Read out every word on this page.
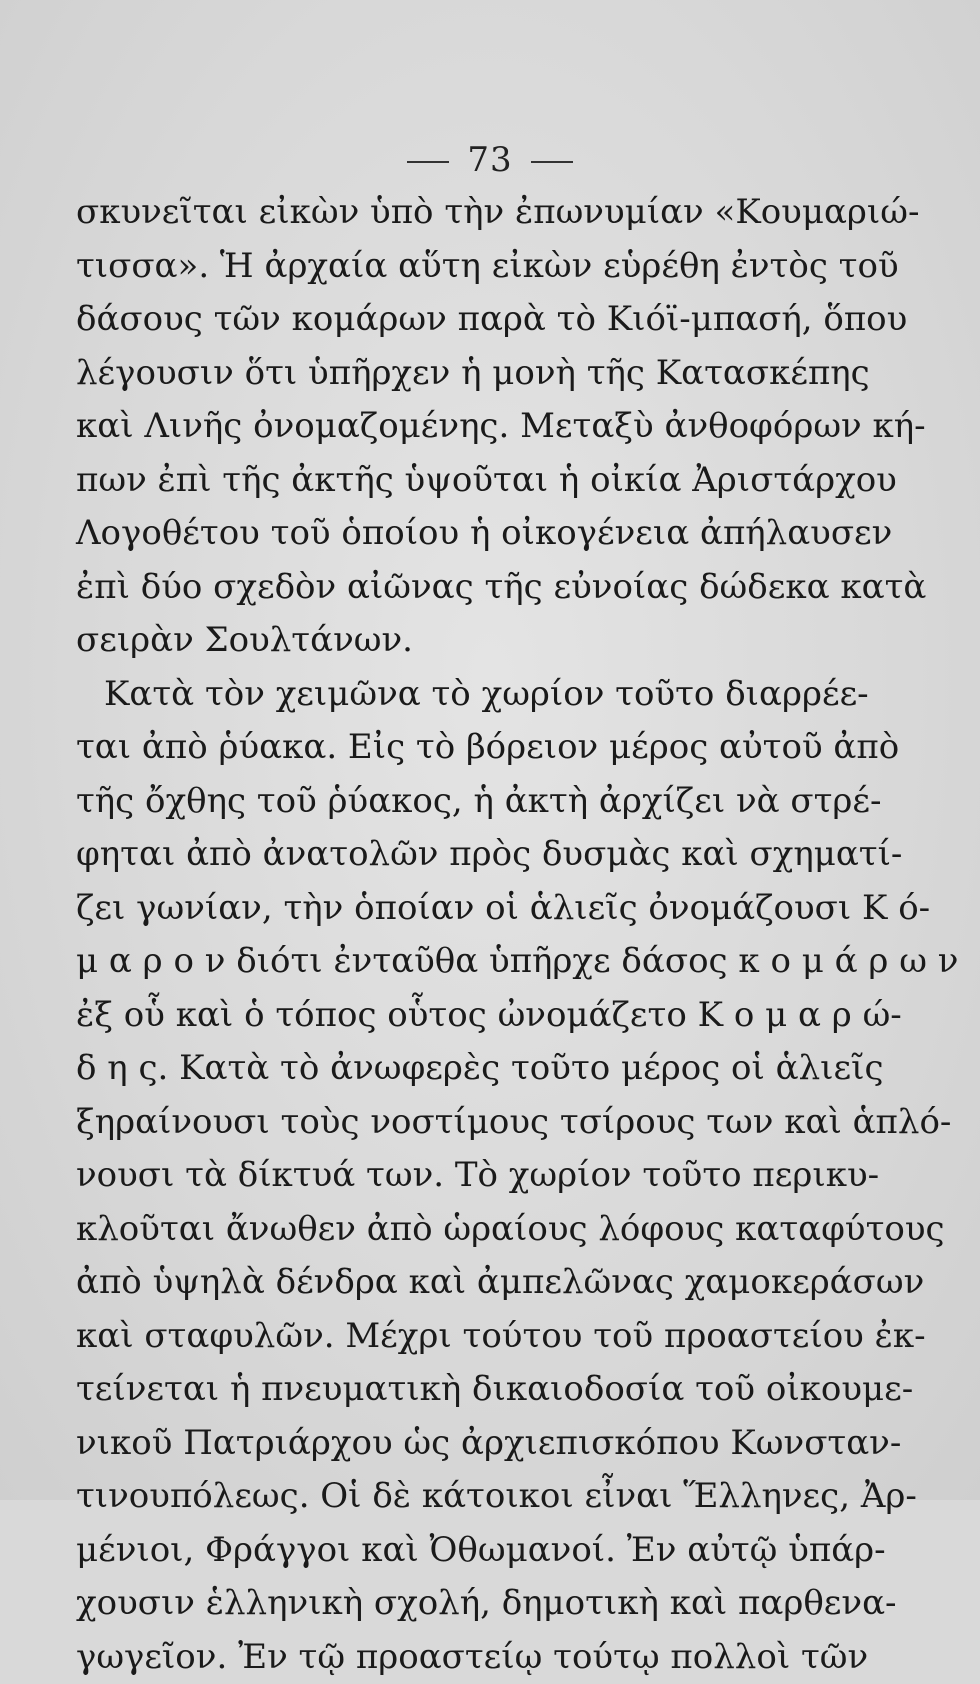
73
σκυνεῖται εἰκὼν ὑπὸ τὴν ἐπωνυμίαν «Κουμαριώ-
τισσα». Ἡ ἀρχαία αὕτη εἰκὼν εὑρέθη ἐντὸς τοῦ
δάσους τῶν κομάρων παρὰ τὸ Κιόϊ-μπασή, ὅπου
λέγουσιν ὅτι ὑπῆρχεν ἡ μονὴ τῆς Κατασκέπης
καὶ Λινῆς ὀνομαζομένης. Μεταξὺ ἀνθοφόρων κή-
πων ἐπὶ τῆς ἀκτῆς ὑψοῦται ἡ οἰκία Ἀριστάρχου
Λογοθέτου τοῦ ὁποίου ἡ οἰκογένεια ἀπήλαυσεν
ἐπὶ δύο σχεδὸν αἰῶνας τῆς εὐνοίας δώδεκα κατὰ
σειρὰν Σουλτάνων.
Κατὰ τὸν χειμῶνα τὸ χωρίον τοῦτο διαρρέε-
ται ἀπὸ ῥύακα. Εἰς τὸ βόρειον μέρος αὐτοῦ ἀπὸ
τῆς ὄχθης τοῦ ῥύακος, ἡ ἀκτὴ ἀρχίζει νὰ στρέ-
φηται ἀπὸ ἀνατολῶν πρὸς δυσμὰς καὶ σχηματί-
ζει γωνίαν, τὴν ὁποίαν οἱ ἁλιεῖς ὀνομάζουσι Κ ό-
μ α ρ ο ν διότι ἐνταῦθα ὑπῆρχε δάσος κ ο μ ά ρ ω ν
ἐξ οὗ καὶ ὁ τόπος οὗτος ὠνομάζετο Κ ο μ α ρ ώ-
δ η ς. Κατὰ τὸ ἀνωφερὲς τοῦτο μέρος οἱ ἁλιεῖς
ξηραίνουσι τοὺς νοστίμους τσίρους των καὶ ἁπλό-
νουσι τὰ δίκτυά των. Τὸ χωρίον τοῦτο περικυ-
κλοῦται ἄνωθεν ἀπὸ ὡραίους λόφους καταφύτους
ἀπὸ ὑψηλὰ δένδρα καὶ ἀμπελῶνας χαμοκεράσων
καὶ σταφυλῶν. Μέχρι τούτου τοῦ προαστείου ἐκ-
τείνεται ἡ πνευματικὴ δικαιοδοσία τοῦ οἰκουμε-
νικοῦ Πατριάρχου ὡς ἀρχιεπισκόπου Κωνσταν-
τινουπόλεως. Οἱ δὲ κάτοικοι εἶναι Ἕλληνες, Ἀρ-
μένιοι, Φράγγοι καὶ Ὀθωμανοί. Ἐν αὐτῷ ὑπάρ-
χουσιν ἑλληνικὴ σχολή, δημοτικὴ καὶ παρθενα-
γωγεῖον. Ἐν τῷ προαστείῳ τούτῳ πολλοὶ τῶν
